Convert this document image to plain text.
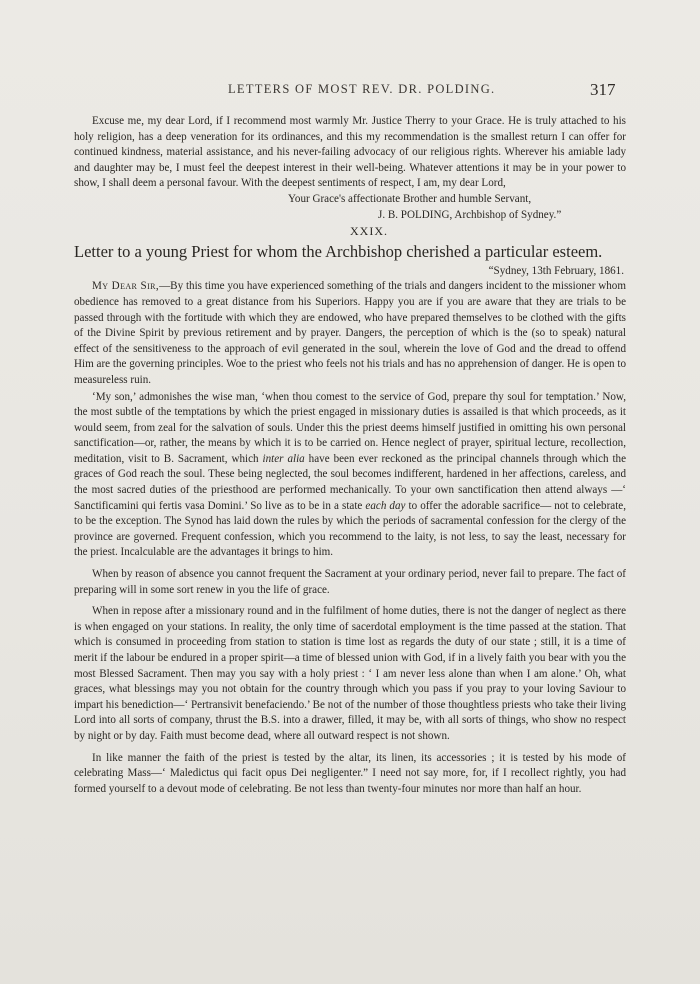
LETTERS OF MOST REV. DR. POLDING.	317

Excuse me, my dear Lord, if I recommend most warmly Mr. Justice Therry to your Grace. He is truly attached to his holy religion, has a deep veneration for its ordinances, and this my recommendation is the smallest return I can offer for continued kindness, material assistance, and his never-failing advocacy of our religious rights. Wherever his amiable lady and daughter may be, I must feel the deepest interest in their well-being. Whatever attentions it may be in your power to show, I shall deem a personal favour. With the deepest sentiments of respect, I am, my dear Lord,

Your Grace's affectionate Brother and humble Servant,

J. B. POLDING, Archbishop of Sydney.”

XXIX.
Letter to a young Priest for whom the Archbishop cherished a particular esteem.

“Sydney, 13th February, 1861.

My Dear Sir,—By this time you have experienced something of the trials and dangers incident to the missioner whom obedience has removed to a great distance from his Superiors. Happy you are if you are aware that they are trials to be passed through with the fortitude with which they are endowed, who have prepared themselves to be clothed with the gifts of the Divine Spirit by previous retirement and by prayer. Dangers, the perception of which is the (so to speak) natural effect of the sensitiveness to the approach of evil generated in the soul, wherein the love of God and the dread to offend Him are the governing principles. Woe to the priest who feels not his trials and has no apprehension of danger. He is open to measureless ruin.

‘My son,’ admonishes the wise man, ‘when thou comest to the service of God, prepare thy soul for temptation.’ Now, the most subtle of the temptations by which the priest engaged in missionary duties is assailed is that which proceeds, as it would seem, from zeal for the salvation of souls. Under this the priest deems himself justified in omitting his own personal sanctification—or, rather, the means by which it is to be carried on. Hence neglect of prayer, spiritual lecture, recollection, meditation, visit to B. Sacrament, which inter alia have been ever reckoned as the principal channels through which the graces of God reach the soul. These being neglected, the soul becomes indifferent, hardened in her affections, careless, and the most sacred duties of the priesthood are performed mechanically. To your own sanctification then attend always —‘ Sanctificamini qui fertis vasa Domini.’ So live as to be in a state each day to offer the adorable sacrifice— not to celebrate, to be the exception. The Synod has laid down the rules by which the periods of sacramental confession for the clergy of the province are governed. Frequent confession, which you recommend to the laity, is not less, to say the least, necessary for the priest. Incalculable are the advantages it brings to him.

When by reason of absence you cannot frequent the Sacrament at your ordinary period, never fail to prepare. The fact of preparing will in some sort renew in you the life of grace.

When in repose after a missionary round and in the fulfilment of home duties, there is not the danger of neglect as there is when engaged on your stations. In reality, the only time of sacerdotal employment is the time passed at the station. That which is consumed in proceeding from station to station is time lost as regards the duty of our state ; still, it is a time of merit if the labour be endured in a proper spirit—a time of blessed union with God, if in a lively faith you bear with you the most Blessed Sacrament. Then may you say with a holy priest : ‘ I am never less alone than when I am alone.’ Oh, what graces, what blessings may you not obtain for the country through which you pass if you pray to your loving Saviour to impart his benediction—‘ Pertransivit benefaciendo.’ Be not of the number of those thoughtless priests who take their living Lord into all sorts of company, thrust the B.S. into a drawer, filled, it may be, with all sorts of things, who show no respect by night or by day. Faith must become dead, where all outward respect is not shown.

In like manner the faith of the priest is tested by the altar, its linen, its accessories ; it is tested by his mode of celebrating Mass—‘ Maledictus qui facit opus Dei negligenter.” I need not say more, for, if I recollect rightly, you had formed yourself to a devout mode of celebrating. Be not less than twenty-four minutes nor more than half an hour.
